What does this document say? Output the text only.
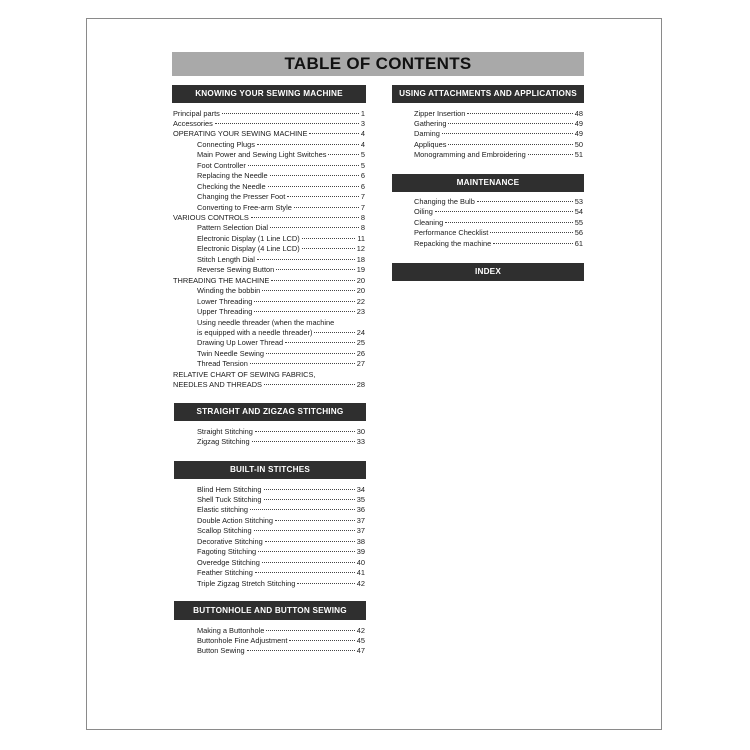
TABLE OF CONTENTS
KNOWING YOUR SEWING MACHINE
STRAIGHT AND ZIGZAG STITCHING
BUILT-IN STITCHES
BUTTONHOLE AND BUTTON SEWING
USING ATTACHMENTS AND APPLICATIONS
MAINTENANCE
INDEX
Principal parts	1
Accessories	3
OPERATING YOUR SEWING MACHINE	4
Connecting Plugs	4
Main Power and Sewing Light Switches	5
Foot Controller	5
Replacing the Needle	6
Checking the Needle	6
Changing the Presser Foot	7
Converting to Free-arm Style	7
VARIOUS CONTROLS	8
Pattern Selection Dial	8
Electronic Display (1 Line LCD)	11
Electronic Display (4 Line LCD)	12
Stitch Length Dial	18
Reverse Sewing Button	19
THREADING THE MACHINE	20
Winding the bobbin	20
Lower Threading	22
Upper Threading	23
Using needle threader (when the machine
is equipped with a needle threader)	24
Drawing Up Lower Thread	25
Twin Needle Sewing	26
Thread Tension	27
RELATIVE CHART OF SEWING FABRICS,
NEEDLES AND THREADS	28
Straight Stitching	30
Zigzag Stitching	33
Blind Hem Stitching	34
Shell Tuck Stitching	35
Elastic stitching	36
Double Action Stitching	37
Scallop Stitching	37
Decorative Stitching	38
Fagoting Stitching	39
Overedge Stitching	40
Feather Stitching	41
Triple Zigzag Stretch Stitching	42
Making a Buttonhole	42
Buttonhole Fine Adjustment	45
Button Sewing	47
Zipper Insertion	48
Gathering	49
Darning	49
Appliques	50
Monogramming and Embroidering	51
Changing the Bulb	53
Oiling	54
Cleaning	55
Performance Checklist	56
Repacking the machine	61
